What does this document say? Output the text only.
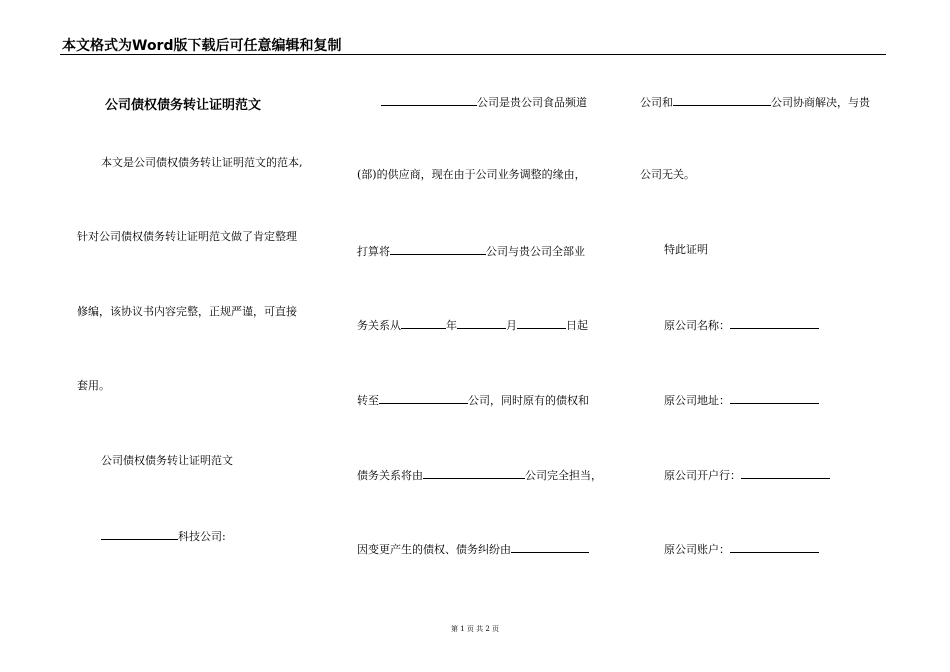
本文格式为Word版下载后可任意编辑和复制
公司债权债务转让证明范文
本文是公司债权债务转让证明范文的范本,
针对公司债权债务转让证明范文做了肯定整理
修编，该协议书内容完整，正规严谨，可直接
套用。
公司债权债务转让证明范文
科技公司:
公司是贵公司食品频道
(部)的供应商，现在由于公司业务调整的缘由，
打算将	公司与贵公司全部业
务关系从	年	月	日起
转至	公司，同时原有的债权和
债务关系将由	公司完全担当，
因变更产生的债权、债务纠纷由
公司和	公司协商解决，与贵
公司无关。
特此证明
原公司名称：
原公司地址：
原公司开户行：
原公司账户：
第 1 页 共 2 页
